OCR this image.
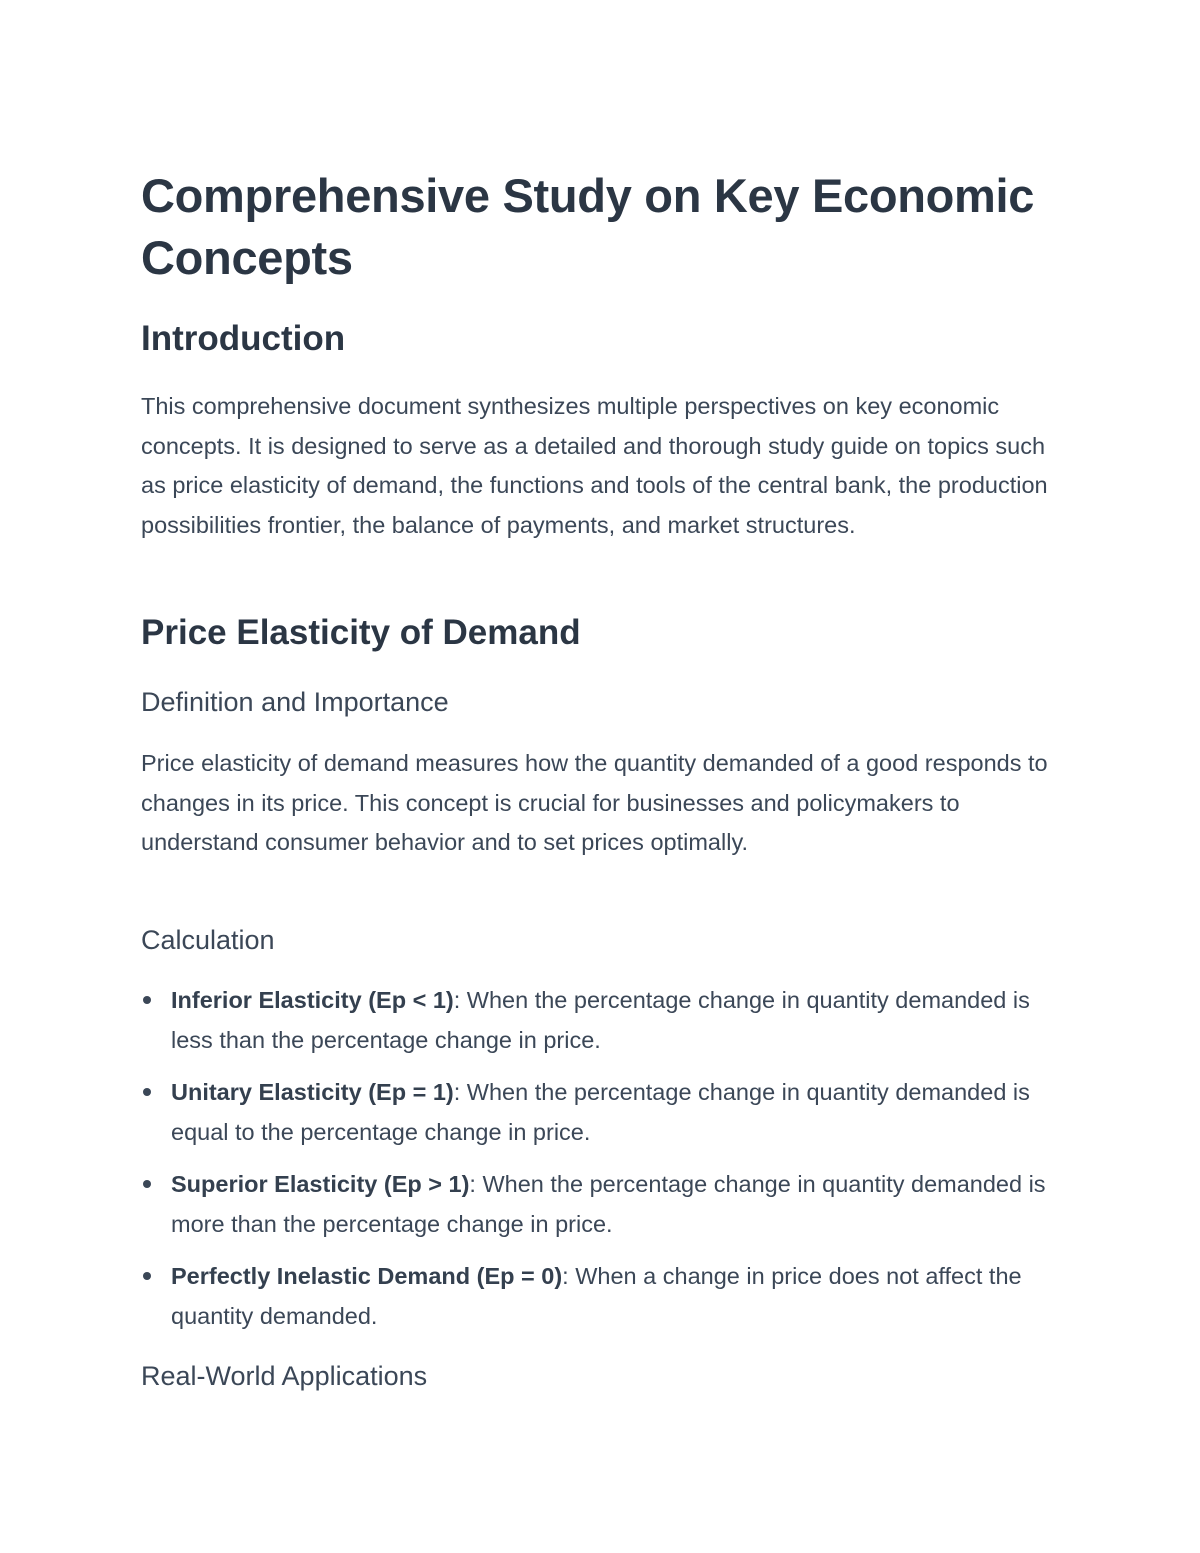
Comprehensive Study on Key Economic Concepts
Introduction

This comprehensive document synthesizes multiple perspectives on key economic concepts. It is designed to serve as a detailed and thorough study guide on topics such as price elasticity of demand, the functions and tools of the central bank, the production possibilities frontier, the balance of payments, and market structures.

Price Elasticity of Demand
Definition and Importance

Price elasticity of demand measures how the quantity demanded of a good responds to changes in its price. This concept is crucial for businesses and policymakers to understand consumer behavior and to set prices optimally.

Calculation
Inferior Elasticity (Ep < 1): When the percentage change in quantity demanded is less than the percentage change in price.
Unitary Elasticity (Ep = 1): When the percentage change in quantity demanded is equal to the percentage change in price.
Superior Elasticity (Ep > 1): When the percentage change in quantity demanded is more than the percentage change in price.
Perfectly Inelastic Demand (Ep = 0): When a change in price does not affect the quantity demanded.
Real-World Applications
